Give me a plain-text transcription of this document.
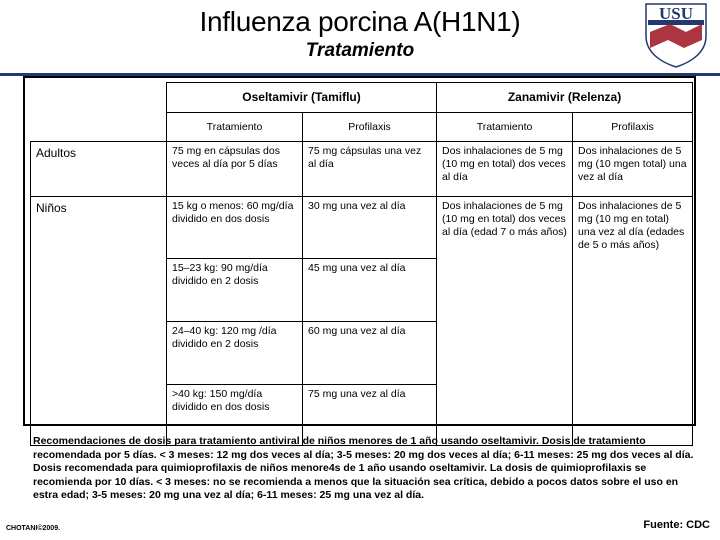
Influenza porcina A(H1N1)
Tratamiento
USU
	Oseltamivir (Tamiflu)		Zanamivir (Relenza)	
	Tratamiento	Profilaxis	Tratamiento	Profilaxis
Adultos	75 mg en cápsulas dos veces al día por 5 días	75 mg cápsulas una vez al día	Dos inhalaciones de 5 mg (10 mg en total) dos veces al día	Dos inhalaciones de 5 mg (10 mgen total) una vez al día
Niños	15 kg o menos: 60 mg/día dividido en dos dosis	30 mg una vez al día	Dos inhalaciones de 5 mg (10 mg en total) dos veces al día (edad 7 o más años)	Dos inhalaciones de 5 mg (10 mg en total) una vez al día (edades de 5 o más años)
	15–23 kg: 90 mg/día dividido en 2 dosis	45 mg una vez al día		
	24–40 kg: 120 mg /día dividido en 2 dosis	60 mg una vez al día		
	>40 kg: 150 mg/día dividido en dos dosis	75 mg una vez al día		

Recomendaciones de dosis para tratamiento antiviral de niños menores de 1 año usando oseltamivir. Dosis de tratamiento recomendada por 5 días. < 3 meses: 12 mg dos veces al día; 3-5 meses: 20 mg dos veces al día; 6-11 meses: 25 mg dos veces al día.

Dosis recomendada para quimioprofilaxis de niños menore4s de 1 año usando oseltamivir. La dosis de quimioprofilaxis se recomienda por 10 días. < 3 meses: no se recomienda a menos que la situación sea crítica, debido a pocos datos sobre el uso en estra edad; 3-5 meses: 20 mg una vez al día; 6-11 meses: 25 mg una vez al día.

CHOTANI©2009.	Fuente: CDC
